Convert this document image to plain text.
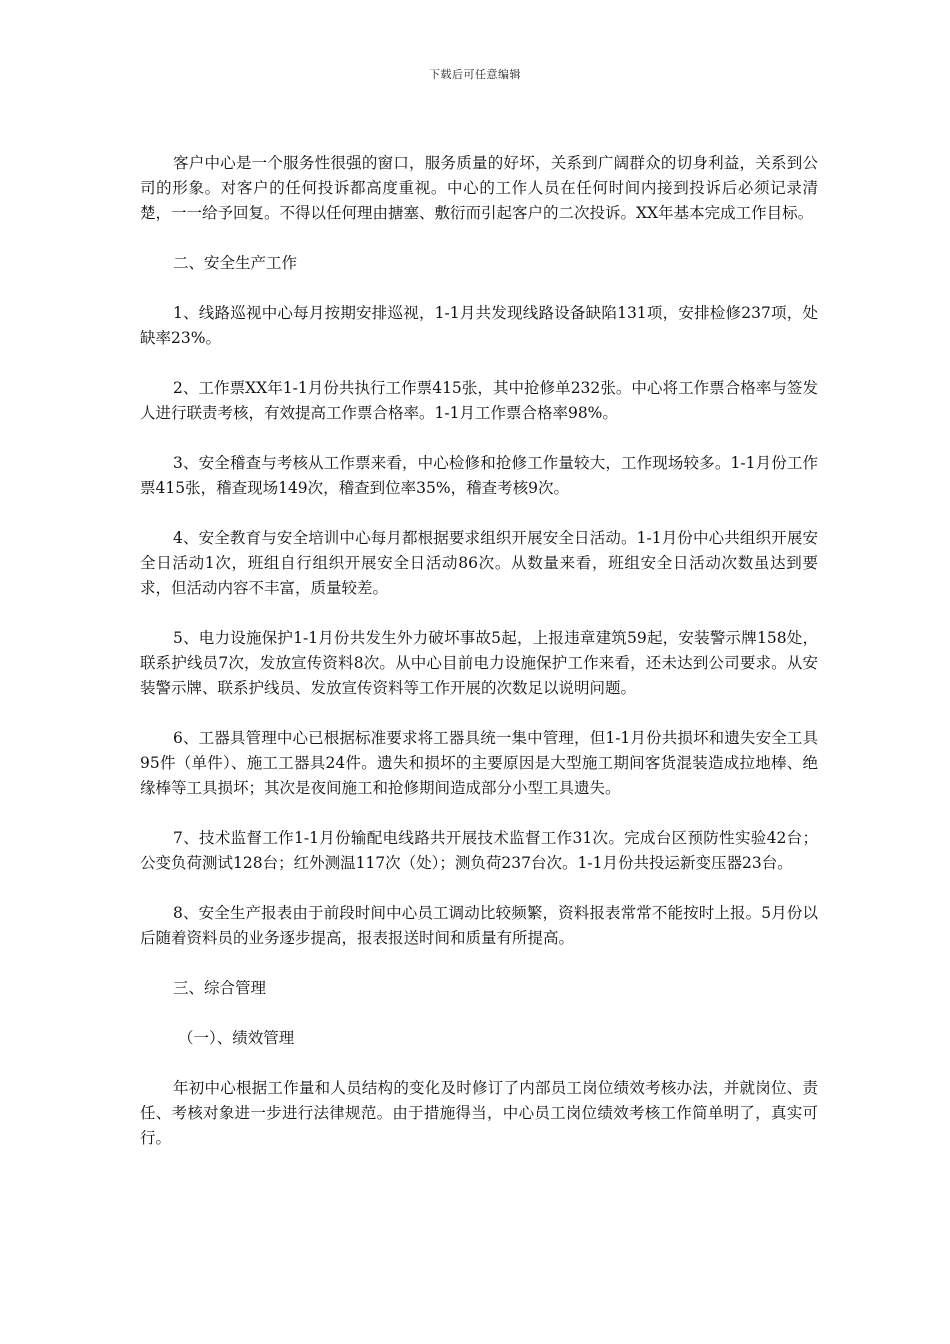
下载后可任意编辑

客户中心是一个服务性很强的窗口，服务质量的好坏，关系到广阔群众的切身利益，关系到公司的形象。对客户的任何投诉都高度重视。中心的工作人员在任何时间内接到投诉后必须记录清楚，一一给予回复。不得以任何理由搪塞、敷衍而引起客户的二次投诉。XX年基本完成工作目标。

二、安全生产工作

1、线路巡视中心每月按期安排巡视，1-1月共发现线路设备缺陷131项，安排检修237项，处缺率23%。

2、工作票XX年1-1月份共执行工作票415张，其中抢修单232张。中心将工作票合格率与签发人进行联责考核，有效提高工作票合格率。1-1月工作票合格率98%。

3、安全稽查与考核从工作票来看，中心检修和抢修工作量较大，工作现场较多。1-1月份工作票415张，稽查现场149次，稽查到位率35%，稽查考核9次。

4、安全教育与安全培训中心每月都根据要求组织开展安全日活动。1-1月份中心共组织开展安全日活动1次，班组自行组织开展安全日活动86次。从数量来看，班组安全日活动次数虽达到要求，但活动内容不丰富，质量较差。

5、电力设施保护1-1月份共发生外力破坏事故5起，上报违章建筑59起，安装警示牌158处，联系护线员7次，发放宣传资料8次。从中心目前电力设施保护工作来看，还未达到公司要求。从安装警示牌、联系护线员、发放宣传资料等工作开展的次数足以说明问题。

6、工器具管理中心已根据标准要求将工器具统一集中管理，但1-1月份共损坏和遗失安全工具95件（单件）、施工工器具24件。遗失和损坏的主要原因是大型施工期间客货混装造成拉地棒、绝缘棒等工具损坏；其次是夜间施工和抢修期间造成部分小型工具遗失。

7、技术监督工作1-1月份输配电线路共开展技术监督工作31次。完成台区预防性实验42台；公变负荷测试128台；红外测温117次（处）；测负荷237台次。1-1月份共投运新变压器23台。

8、安全生产报表由于前段时间中心员工调动比较频繁，资料报表常常不能按时上报。5月份以后随着资料员的业务逐步提高，报表报送时间和质量有所提高。

三、综合管理

（一）、绩效管理

年初中心根据工作量和人员结构的变化及时修订了内部员工岗位绩效考核办法，并就岗位、责任、考核对象进一步进行法律规范。由于措施得当，中心员工岗位绩效考核工作简单明了，真实可行。
